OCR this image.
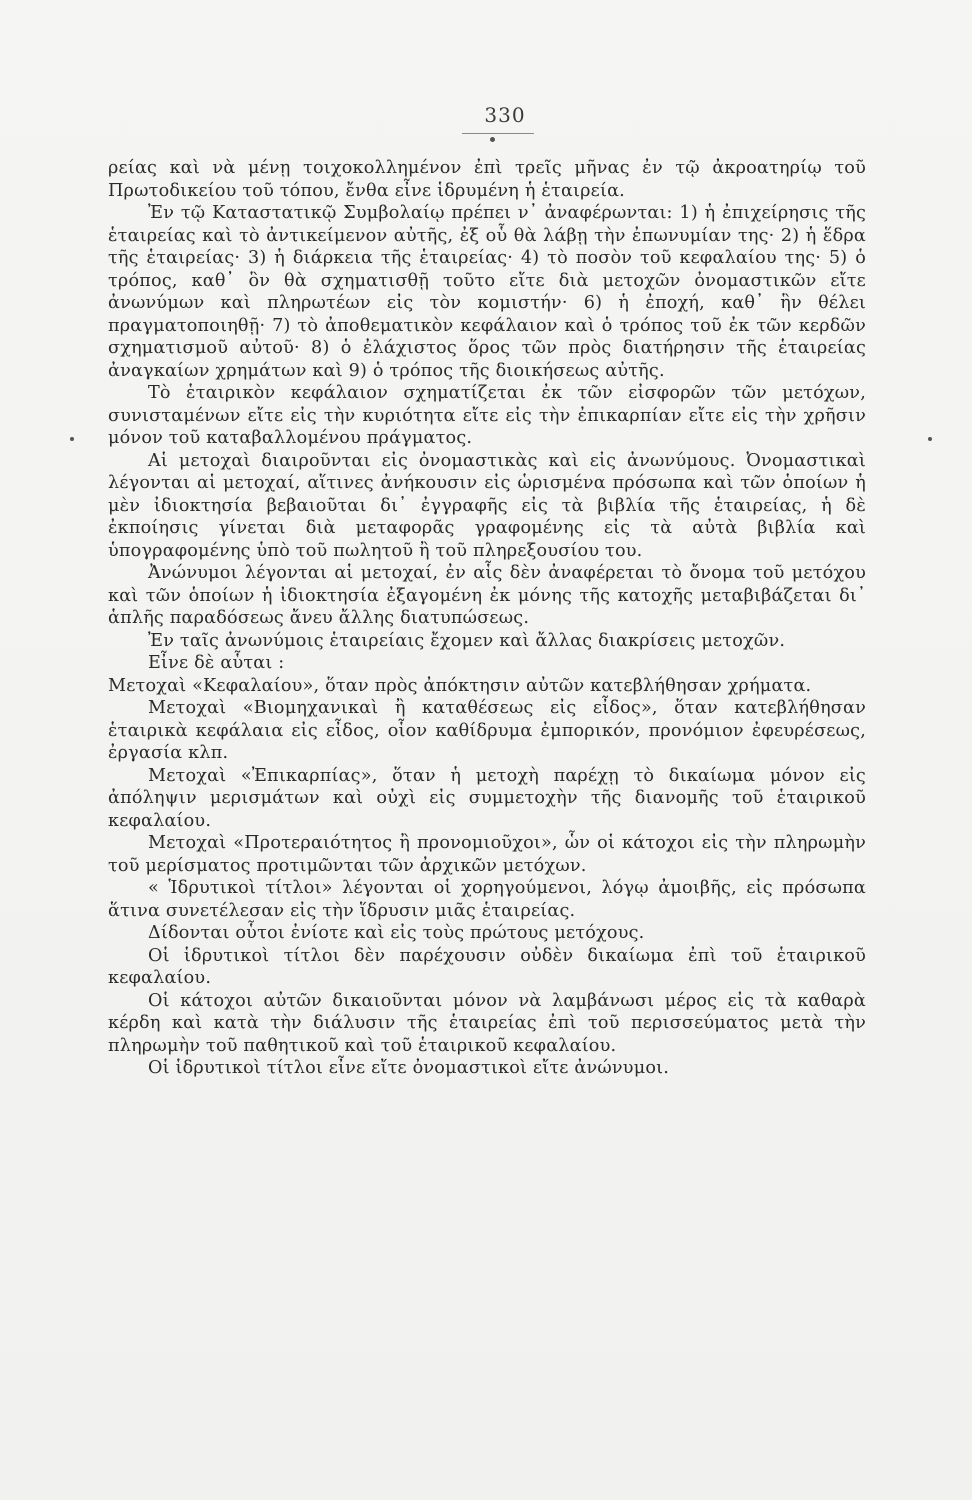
330

ρείας καὶ νὰ μένῃ τοιχοκολλημένον ἐπὶ τρεῖς μῆνας ἐν τῷ ἀκροατηρίῳ τοῦ Πρωτοδικείου τοῦ τόπου, ἔνθα εἶνε ἱδρυμένη ἡ ἑταιρεία.

Ἐν τῷ Καταστατικῷ Συμβολαίῳ πρέπει ν᾽ ἀναφέρωνται: 1) ἡ ἐπιχείρησις τῆς ἑταιρείας καὶ τὸ ἀντικείμενον αὐτῆς, ἐξ οὗ θὰ λάβῃ τὴν ἐπωνυμίαν της· 2) ἡ ἕδρα τῆς ἑταιρείας· 3) ἡ διάρκεια τῆς ἑταιρείας· 4) τὸ ποσὸν τοῦ κεφαλαίου της· 5) ὁ τρόπος, καθ᾽ ὃν θὰ σχηματισθῇ τοῦτο εἴτε διὰ μετοχῶν ὀνομαστικῶν εἴτε ἀνωνύμων καὶ πληρωτέων εἰς τὸν κομιστήν· 6) ἡ ἐποχή, καθ᾽ ἣν θέλει πραγματοποιηθῇ· 7) τὸ ἀποθεματικὸν κεφάλαιον καὶ ὁ τρόπος τοῦ ἐκ τῶν κερδῶν σχηματισμοῦ αὐτοῦ· 8) ὁ ἐλάχιστος ὅρος τῶν πρὸς διατήρησιν τῆς ἑταιρείας ἀναγκαίων χρημάτων καὶ 9) ὁ τρόπος τῆς διοικήσεως αὐτῆς.

Τὸ ἑταιρικὸν κεφάλαιον σχηματίζεται ἐκ τῶν εἰσφορῶν τῶν μετόχων, συνισταμένων εἴτε εἰς τὴν κυριότητα εἴτε εἰς τὴν ἐπικαρπίαν εἴτε εἰς τὴν χρῆσιν μόνον τοῦ καταβαλλομένου πράγματος.

Αἱ μετοχαὶ διαιροῦνται εἰς ὀνομαστικὰς καὶ εἰς ἀνωνύμους. Ὀνομαστικαὶ λέγονται αἱ μετοχαί, αἵτινες ἀνήκουσιν εἰς ὡρισμένα πρόσωπα καὶ τῶν ὁποίων ἡ μὲν ἰδιοκτησία βεβαιοῦται δι᾽ ἐγγραφῆς εἰς τὰ βιβλία τῆς ἑταιρείας, ἡ δὲ ἐκποίησις γίνεται διὰ μεταφορᾶς γραφομένης εἰς τὰ αὐτὰ βιβλία καὶ ὑπογραφομένης ὑπὸ τοῦ πωλητοῦ ἢ τοῦ πληρεξουσίου του.

Ἀνώνυμοι λέγονται αἱ μετοχαί, ἐν αἷς δὲν ἀναφέρεται τὸ ὄνομα τοῦ μετόχου καὶ τῶν ὁποίων ἡ ἰδιοκτησία ἐξαγομένη ἐκ μόνης τῆς κατοχῆς μεταβιβάζεται δι᾽ ἁπλῆς παραδόσεως ἄνευ ἄλλης διατυπώσεως.

Ἐν ταῖς ἀνωνύμοις ἑταιρείαις ἔχομεν καὶ ἄλλας διακρίσεις μετοχῶν.

Εἶνε δὲ αὗται :

Μετοχαὶ «Κεφαλαίου», ὅταν πρὸς ἀπόκτησιν αὐτῶν κατεβλήθησαν χρήματα.

Μετοχαὶ «Βιομηχανικαὶ ἢ καταθέσεως εἰς εἶδος», ὅταν κατεβλήθησαν ἑταιρικὰ κεφάλαια εἰς εἶδος, οἷον καθίδρυμα ἐμπορικόν, προνόμιον ἐφευρέσεως, ἐργασία κλπ.

Μετοχαὶ «Ἐπικαρπίας», ὅταν ἡ μετοχὴ παρέχῃ τὸ δικαίωμα μόνον εἰς ἀπόληψιν μερισμάτων καὶ οὐχὶ εἰς συμμετοχὴν τῆς διανομῆς τοῦ ἑταιρικοῦ κεφαλαίου.

Μετοχαὶ «Προτεραιότητος ἢ προνομιοῦχοι», ὧν οἱ κάτοχοι εἰς τὴν πληρωμὴν τοῦ μερίσματος προτιμῶνται τῶν ἀρχικῶν μετόχων.

« Ἱδρυτικοὶ τίτλοι» λέγονται οἱ χορηγούμενοι, λόγῳ ἀμοιβῆς, εἰς πρόσωπα ἅτινα συνετέλεσαν εἰς τὴν ἵδρυσιν μιᾶς ἑταιρείας.

Δίδονται οὗτοι ἐνίοτε καὶ εἰς τοὺς πρώτους μετόχους.

Οἱ ἱδρυτικοὶ τίτλοι δὲν παρέχουσιν οὐδὲν δικαίωμα ἐπὶ τοῦ ἑταιρικοῦ κεφαλαίου.

Οἱ κάτοχοι αὐτῶν δικαιοῦνται μόνον νὰ λαμβάνωσι μέρος εἰς τὰ καθαρὰ κέρδη καὶ κατὰ τὴν διάλυσιν τῆς ἑταιρείας ἐπὶ τοῦ περισσεύματος μετὰ τὴν πληρωμὴν τοῦ παθητικοῦ καὶ τοῦ ἑταιρικοῦ κεφαλαίου.

Οἱ ἱδρυτικοὶ τίτλοι εἶνε εἴτε ὀνομαστικοὶ εἴτε ἀνώνυμοι.
